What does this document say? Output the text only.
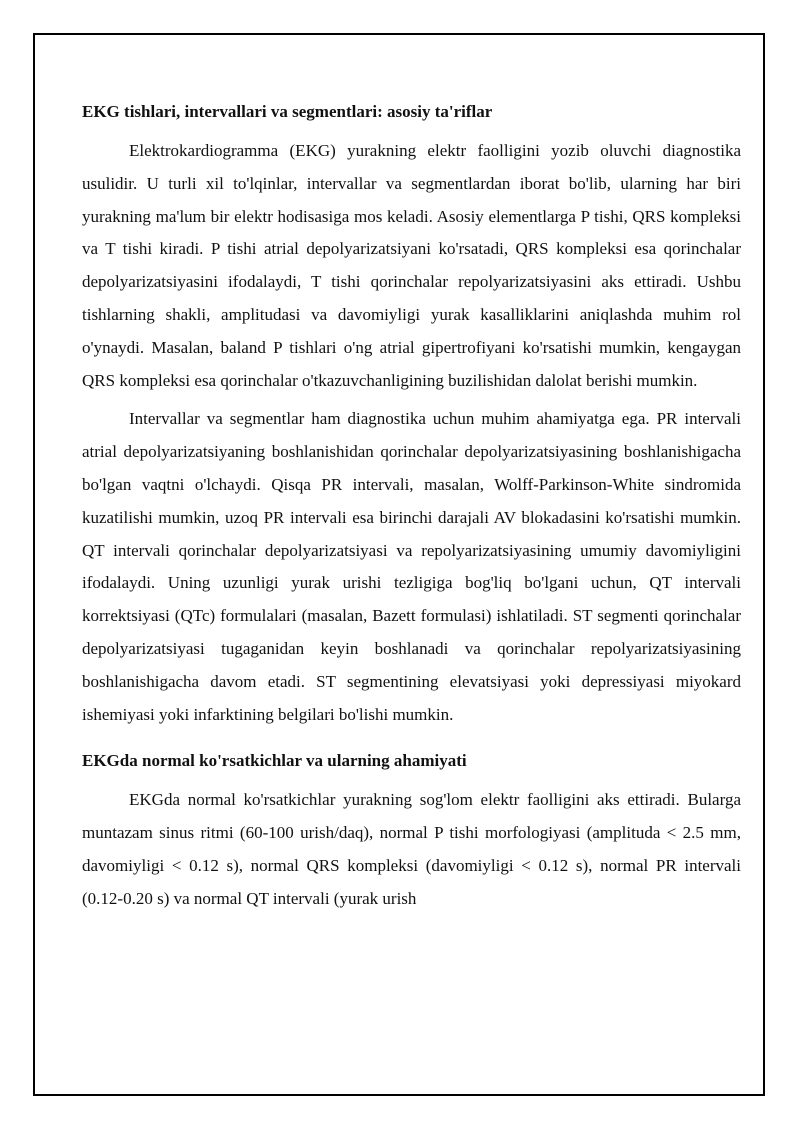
EKG tishlari, intervallari va segmentlari: asosiy ta'riflar

Elektrokardiogramma (EKG) yurakning elektr faolligini yozib oluvchi diagnostika usulidir. U turli xil to'lqinlar, intervallar va segmentlardan iborat bo'lib, ularning har biri yurakning ma'lum bir elektr hodisasiga mos keladi. Asosiy elementlarga P tishi, QRS kompleksi va T tishi kiradi. P tishi atrial depolyarizatsiyani ko'rsatadi, QRS kompleksi esa qorinchalar depolyarizatsiyasini ifodalaydi, T tishi qorinchalar repolyarizatsiyasini aks ettiradi. Ushbu tishlarning shakli, amplitudasi va davomiyligi yurak kasalliklarini aniqlashda muhim rol o'ynaydi. Masalan, baland P tishlari o'ng atrial gipertrofiyani ko'rsatishi mumkin, kengaygan QRS kompleksi esa qorinchalar o'tkazuvchanligining buzilishidan dalolat berishi mumkin.

Intervallar va segmentlar ham diagnostika uchun muhim ahamiyatga ega. PR intervali atrial depolyarizatsiyaning boshlanishidan qorinchalar depolyarizatsiyasining boshlanishigacha bo'lgan vaqtni o'lchaydi. Qisqa PR intervali, masalan, Wolff-Parkinson-White sindromida kuzatilishi mumkin, uzoq PR intervali esa birinchi darajali AV blokadasini ko'rsatishi mumkin. QT intervali qorinchalar depolyarizatsiyasi va repolyarizatsiyasining umumiy davomiyligini ifodalaydi. Uning uzunligi yurak urishi tezligiga bog'liq bo'lgani uchun, QT intervali korrektsiyasi (QTc) formulalari (masalan, Bazett formulasi) ishlatiladi. ST segmenti qorinchalar depolyarizatsiyasi tugaganidan keyin boshlanadi va qorinchalar repolyarizatsiyasining boshlanishigacha davom etadi. ST segmentining elevatsiyasi yoki depressiyasi miyokard ishemiyasi yoki infarktining belgilari bo'lishi mumkin.

EKGda normal ko'rsatkichlar va ularning ahamiyati

EKGda normal ko'rsatkichlar yurakning sog'lom elektr faolligini aks ettiradi. Bularga muntazam sinus ritmi (60-100 urish/daq), normal P tishi morfologiyasi (amplituda < 2.5 mm, davomiyligi < 0.12 s), normal QRS kompleksi (davomiyligi < 0.12 s), normal PR intervali (0.12-0.20 s) va normal QT intervali (yurak urish
